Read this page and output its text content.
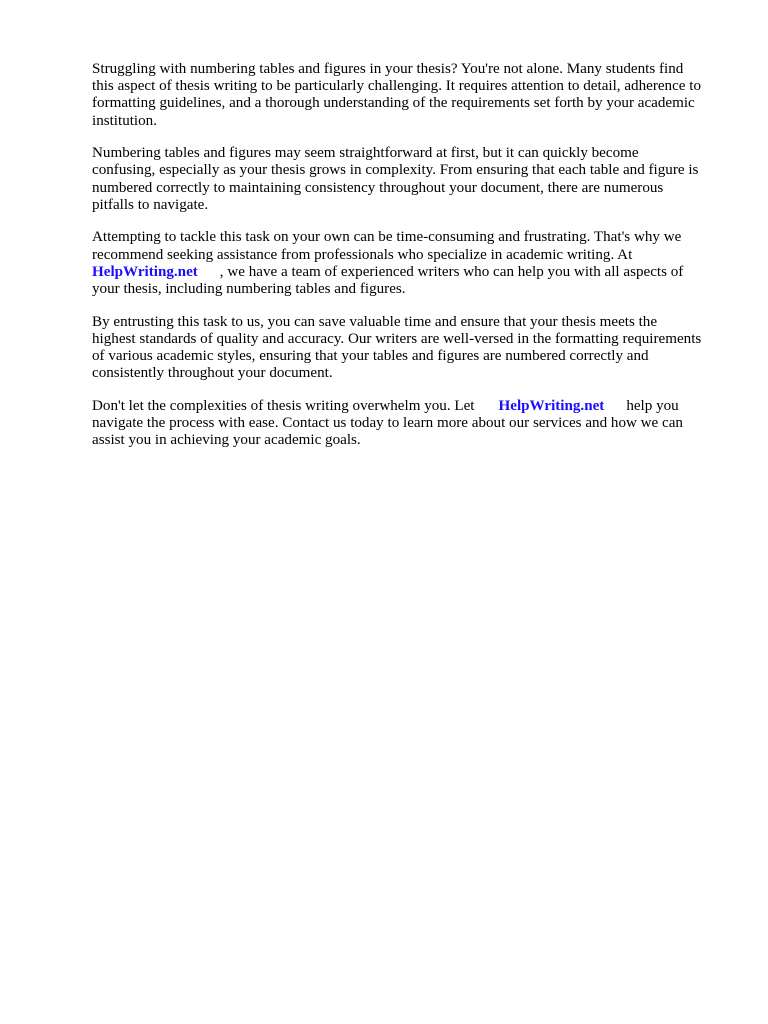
Struggling with numbering tables and figures in your thesis? You're not alone. Many students find
this aspect of thesis writing to be particularly challenging. It requires attention to detail, adherence to
formatting guidelines, and a thorough understanding of the requirements set forth by your academic
institution.

Numbering tables and figures may seem straightforward at first, but it can quickly become
confusing, especially as your thesis grows in complexity. From ensuring that each table and figure is
numbered correctly to maintaining consistency throughout your document, there are numerous
pitfalls to navigate.

Attempting to tackle this task on your own can be time-consuming and frustrating. That's why we
recommend seeking assistance from professionals who specialize in academic writing. At
HelpWriting.net , we have a team of experienced writers who can help you with all aspects of
your thesis, including numbering tables and figures.

By entrusting this task to us, you can save valuable time and ensure that your thesis meets the
highest standards of quality and accuracy. Our writers are well-versed in the formatting requirements
of various academic styles, ensuring that your tables and figures are numbered correctly and
consistently throughout your document.

Don't let the complexities of thesis writing overwhelm you. Let HelpWriting.net help you
navigate the process with ease. Contact us today to learn more about our services and how we can
assist you in achieving your academic goals.
